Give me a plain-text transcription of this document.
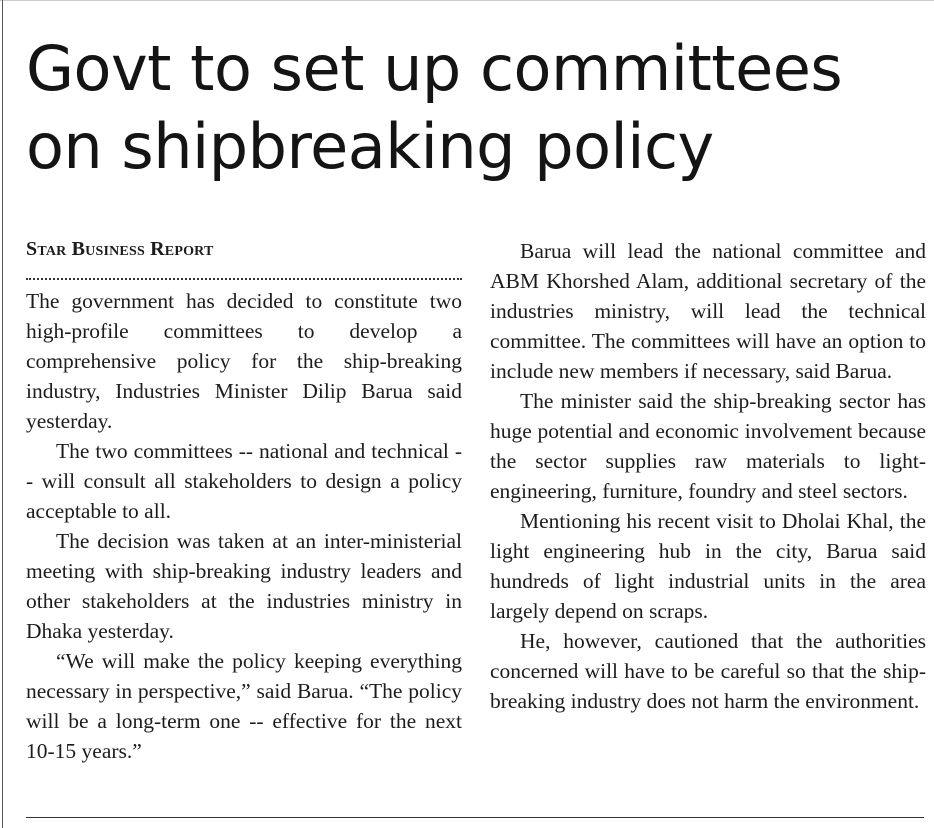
Govt to set up committees on shipbreaking policy
Star Business Report

The government has decided to constitute two high-profile committees to develop a comprehensive policy for the ship-breaking industry, Industries Minister Dilip Barua said yesterday.

The two committees -- national and technical -- will consult all stakeholders to design a policy acceptable to all.

The decision was taken at an inter-ministerial meeting with ship-breaking industry leaders and other stakeholders at the industries ministry in Dhaka yesterday.

“We will make the policy keeping everything necessary in perspective,” said Barua. “The policy will be a long-term one -- effective for the next 10-15 years.”

Barua will lead the national committee and ABM Khorshed Alam, additional secretary of the industries ministry, will lead the technical committee. The committees will have an option to include new members if necessary, said Barua.

The minister said the ship-breaking sector has huge potential and economic involvement because the sector supplies raw materials to light-engineering, furniture, foundry and steel sectors.

Mentioning his recent visit to Dholai Khal, the light engineering hub in the city, Barua said hundreds of light industrial units in the area largely depend on scraps.

He, however, cautioned that the authorities concerned will have to be careful so that the ship-breaking industry does not harm the environment.
